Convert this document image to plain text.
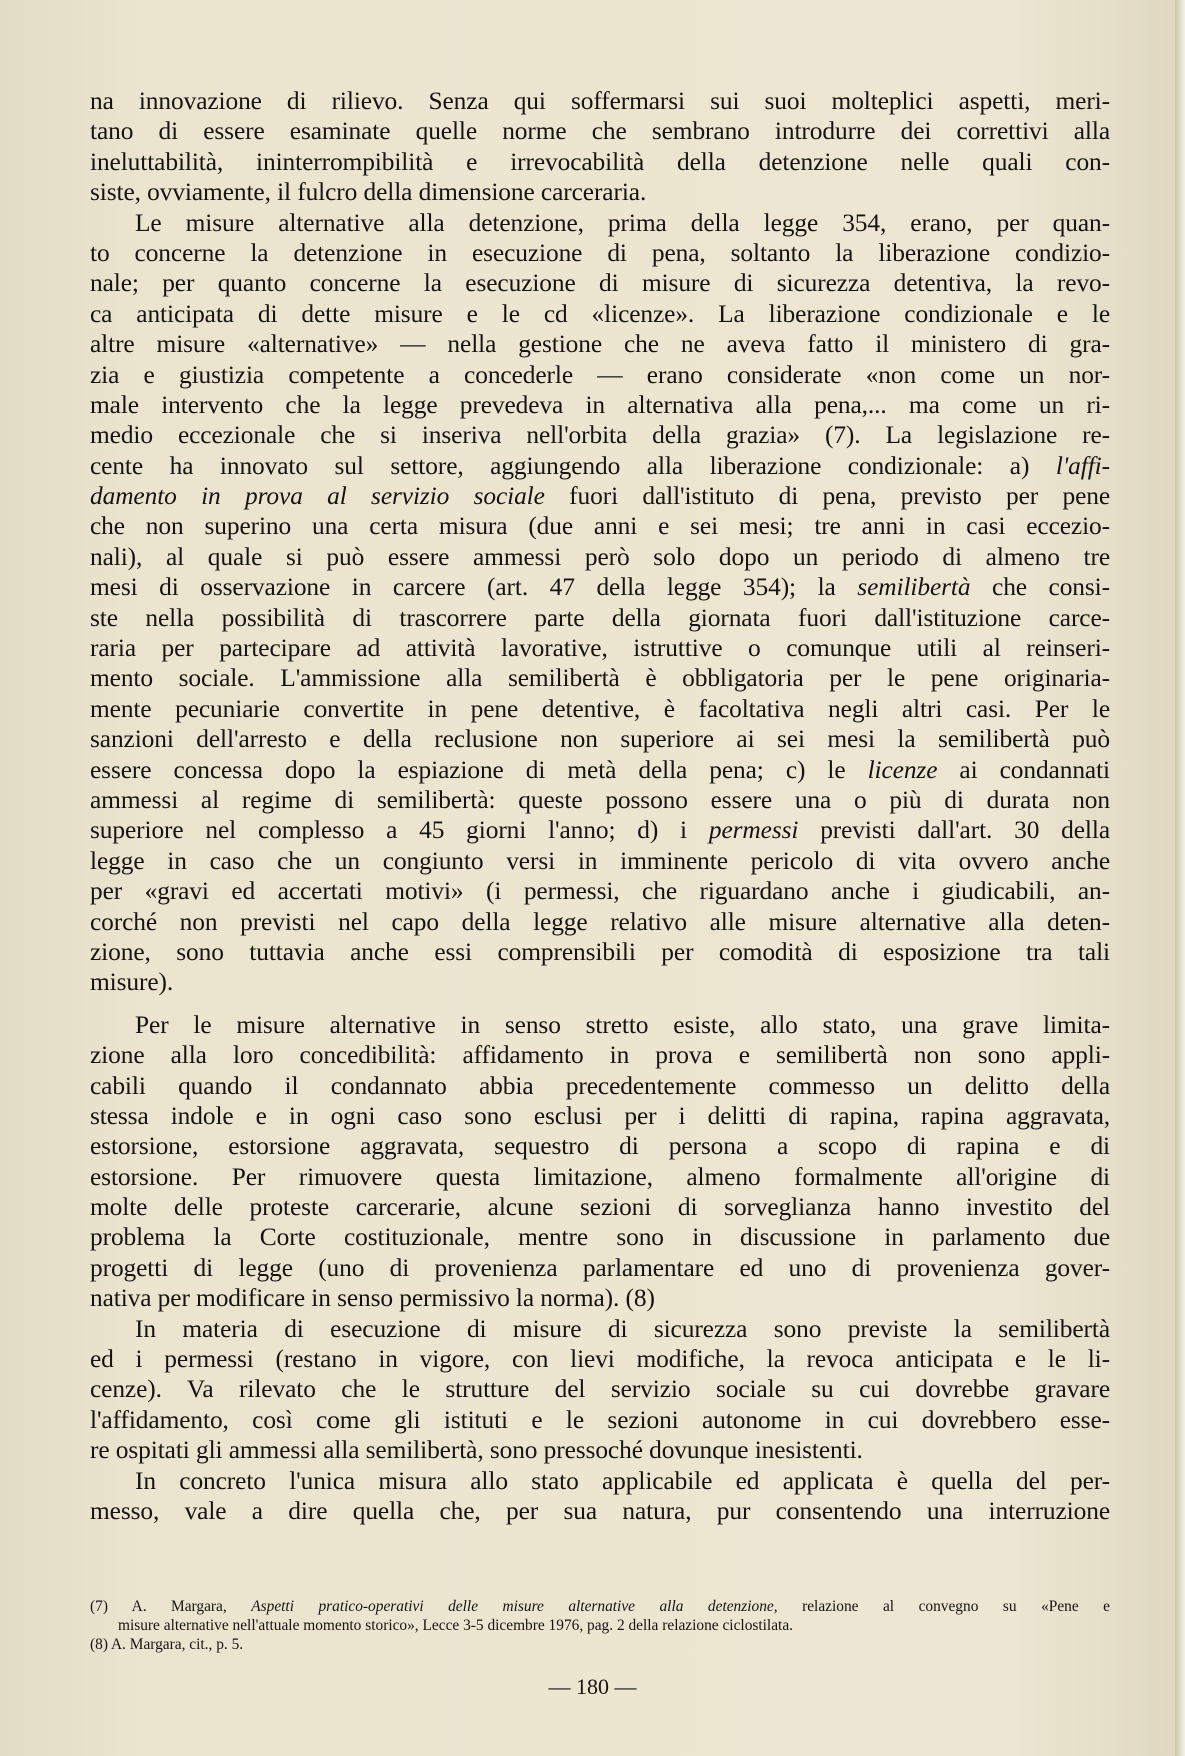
na innovazione di rilievo. Senza qui soffermarsi sui suoi molteplici aspetti, meri-
tano di essere esaminate quelle norme che sembrano introdurre dei correttivi alla
ineluttabilità, ininterrompibilità e irrevocabilità della detenzione nelle quali con-
siste, ovviamente, il fulcro della dimensione carceraria.
Le misure alternative alla detenzione, prima della legge 354, erano, per quan-
to concerne la detenzione in esecuzione di pena, soltanto la liberazione condizio-
nale; per quanto concerne la esecuzione di misure di sicurezza detentiva, la revo-
ca anticipata di dette misure e le cd «licenze». La liberazione condizionale e le
altre misure «alternative» — nella gestione che ne aveva fatto il ministero di gra-
zia e giustizia competente a concederle — erano considerate «non come un nor-
male intervento che la legge prevedeva in alternativa alla pena,... ma come un ri-
medio eccezionale che si inseriva nell'orbita della grazia» (7). La legislazione re-
cente ha innovato sul settore, aggiungendo alla liberazione condizionale: a) l'affi-
damento in prova al servizio sociale fuori dall'istituto di pena, previsto per pene
che non superino una certa misura (due anni e sei mesi; tre anni in casi eccezio-
nali), al quale si può essere ammessi però solo dopo un periodo di almeno tre
mesi di osservazione in carcere (art. 47 della legge 354); la semilibertà che consi-
ste nella possibilità di trascorrere parte della giornata fuori dall'istituzione carce-
raria per partecipare ad attività lavorative, istruttive o comunque utili al reinseri-
mento sociale. L'ammissione alla semilibertà è obbligatoria per le pene originaria-
mente pecuniarie convertite in pene detentive, è facoltativa negli altri casi. Per le
sanzioni dell'arresto e della reclusione non superiore ai sei mesi la semilibertà può
essere concessa dopo la espiazione di metà della pena; c) le licenze ai condannati
ammessi al regime di semilibertà: queste possono essere una o più di durata non
superiore nel complesso a 45 giorni l'anno; d) i permessi previsti dall'art. 30 della
legge in caso che un congiunto versi in imminente pericolo di vita ovvero anche
per «gravi ed accertati motivi» (i permessi, che riguardano anche i giudicabili, an-
corché non previsti nel capo della legge relativo alle misure alternative alla deten-
zione, sono tuttavia anche essi comprensibili per comodità di esposizione tra tali
misure).
Per le misure alternative in senso stretto esiste, allo stato, una grave limita-
zione alla loro concedibilità: affidamento in prova e semilibertà non sono appli-
cabili quando il condannato abbia precedentemente commesso un delitto della
stessa indole e in ogni caso sono esclusi per i delitti di rapina, rapina aggravata,
estorsione, estorsione aggravata, sequestro di persona a scopo di rapina e di
estorsione. Per rimuovere questa limitazione, almeno formalmente all'origine di
molte delle proteste carcerarie, alcune sezioni di sorveglianza hanno investito del
problema la Corte costituzionale, mentre sono in discussione in parlamento due
progetti di legge (uno di provenienza parlamentare ed uno di provenienza gover-
nativa per modificare in senso permissivo la norma). (8)
In materia di esecuzione di misure di sicurezza sono previste la semilibertà
ed i permessi (restano in vigore, con lievi modifiche, la revoca anticipata e le li-
cenze). Va rilevato che le strutture del servizio sociale su cui dovrebbe gravare
l'affidamento, così come gli istituti e le sezioni autonome in cui dovrebbero esse-
re ospitati gli ammessi alla semilibertà, sono pressoché dovunque inesistenti.
In concreto l'unica misura allo stato applicabile ed applicata è quella del per-
messo, vale a dire quella che, per sua natura, pur consentendo una interruzione
(7) A. Margara, Aspetti pratico-operativi delle misure alternative alla detenzione, relazione al convegno su «Pene e
misure alternative nell'attuale momento storico», Lecce 3-5 dicembre 1976, pag. 2 della relazione ciclostilata.
(8) A. Margara, cit., p. 5.
— 180 —
